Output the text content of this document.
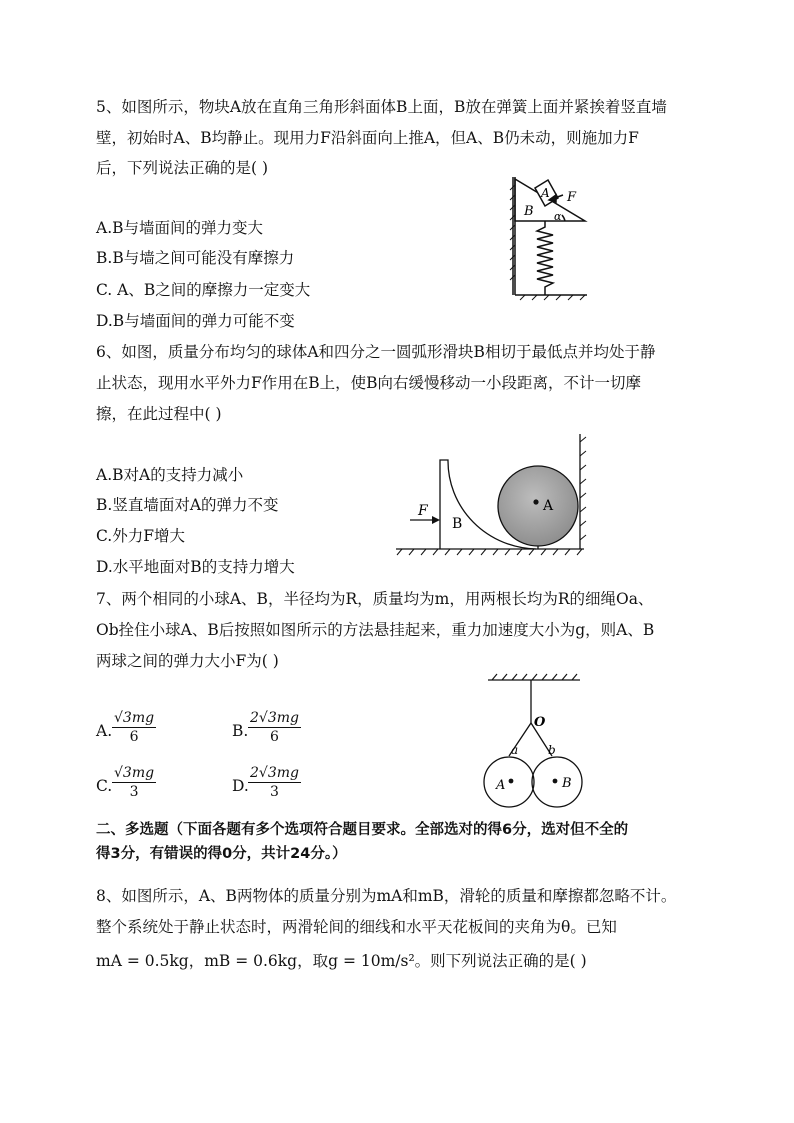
5、如图所示，物块A放在直角三角形斜面体B上面，B放在弹簧上面并紧挨着竖直墙
壁，初始时A、B均静止。现用力F沿斜面向上推A，但A、B仍未动，则施加力F
后，下列说法正确的是( )
A.B与墙面间的弹力变大
B.B与墙之间可能没有摩擦力
C. A、B之间的摩擦力一定变大
D.B与墙面间的弹力可能不变
A
B
F
α
6、如图，质量分布均匀的球体A和四分之一圆弧形滑块B相切于最低点并均处于静
止状态，现用水平外力F作用在B上，使B向右缓慢移动一小段距离，不计一切摩
擦，在此过程中( )
A.B对A的支持力减小
B.竖直墙面对A的弹力不变
C.外力F增大
D.水平地面对B的支持力增大
F
B
A
7、两个相同的小球A、B，半径均为R，质量均为m，用两根长均为R的细绳Oa、
Ob拴住小球A、B后按照如图所示的方法悬挂起来，重力加速度大小为g，则A、B
两球之间的弹力大小F为( )
A. $\frac{√3mg}{6}$	B. $\frac{2√3mg}{6}$
C. $\frac{√3mg}{3}$	D. $\frac{2√3mg}{3}$
O
a b
A	B
二、多选题（下面各题有多个选项符合题目要求。全部选对的得6分，选对但不全的
得3分，有错误的得0分，共计24分。）
8、如图所示，A、B两物体的质量分别为mA和mB，滑轮的质量和摩擦都忽略不计。
整个系统处于静止状态时，两滑轮间的细线和水平天花板间的夹角为θ。已知
mA = 0.5kg，mB = 0.6kg，取g = 10m/s²。则下列说法正确的是( )
